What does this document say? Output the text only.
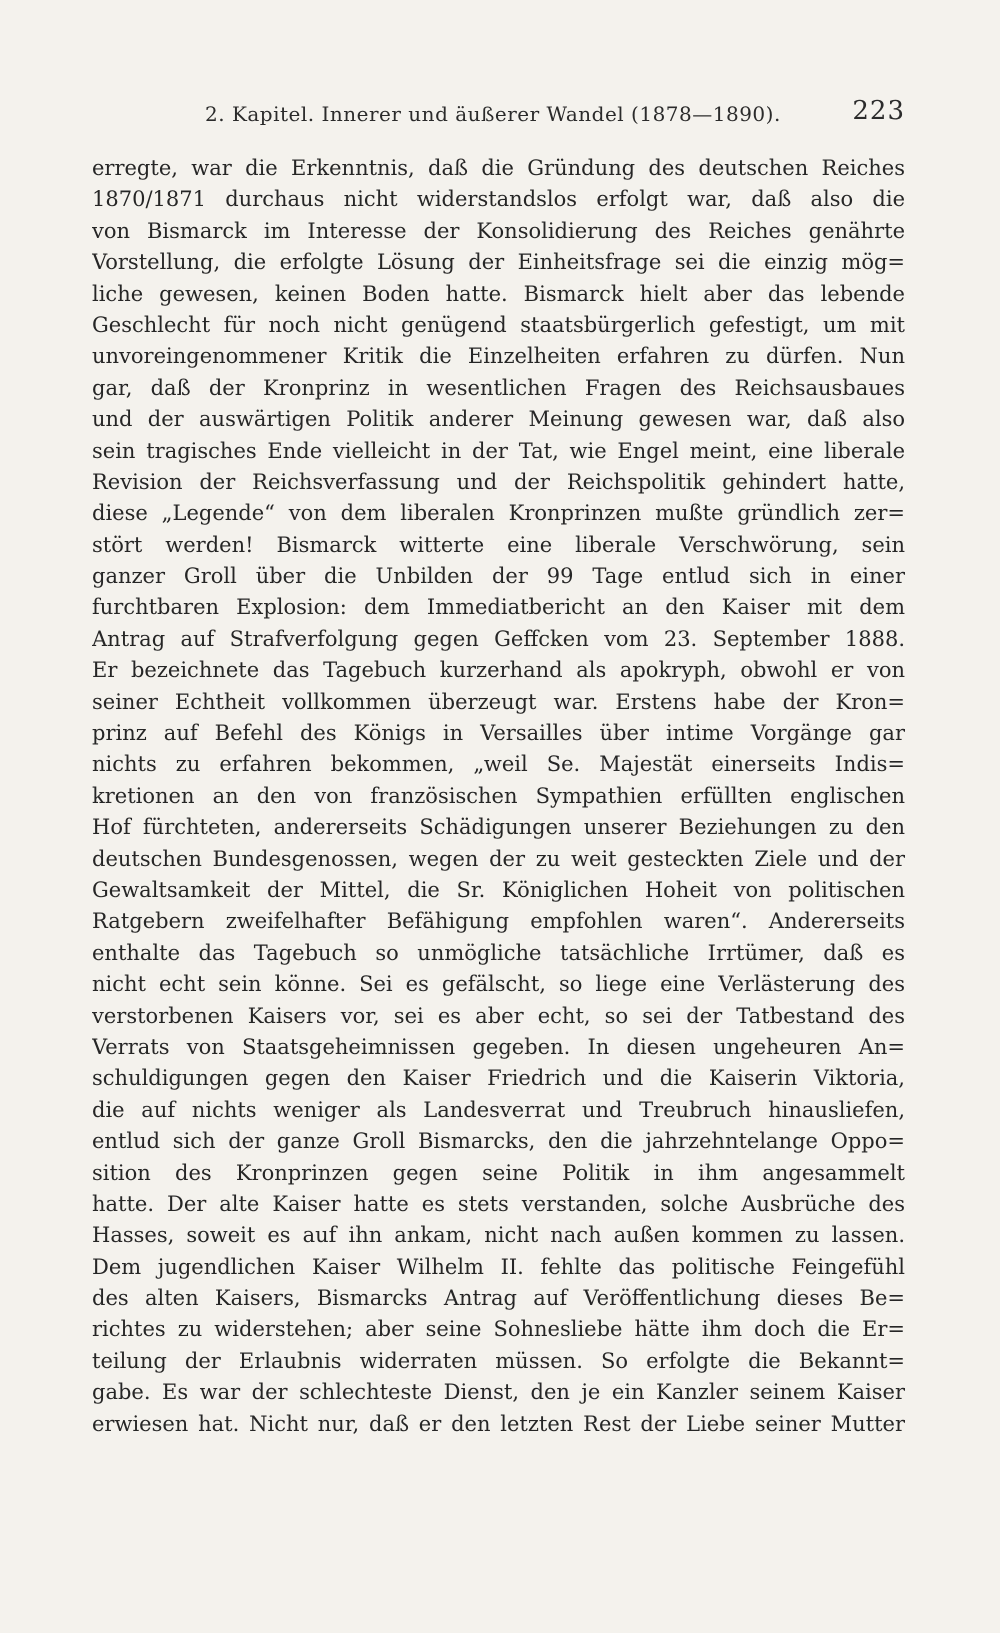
2. Kapitel. Innerer und äußerer Wandel (1878—1890).	223
erregte, war die Erkenntnis, daß die Gründung des deutschen Reiches
1870/1871 durchaus nicht widerstandslos erfolgt war, daß also die
von Bismarck im Interesse der Konsolidierung des Reiches genährte
Vorstellung, die erfolgte Lösung der Einheitsfrage sei die einzig mög=
liche gewesen, keinen Boden hatte. Bismarck hielt aber das lebende
Geschlecht für noch nicht genügend staatsbürgerlich gefestigt, um mit
unvoreingenommener Kritik die Einzelheiten erfahren zu dürfen. Nun
gar, daß der Kronprinz in wesentlichen Fragen des Reichsausbaues
und der auswärtigen Politik anderer Meinung gewesen war, daß also
sein tragisches Ende vielleicht in der Tat, wie Engel meint, eine liberale
Revision der Reichsverfassung und der Reichspolitik gehindert hatte,
diese „Legende“ von dem liberalen Kronprinzen mußte gründlich zer=
stört werden! Bismarck witterte eine liberale Verschwörung, sein
ganzer Groll über die Unbilden der 99 Tage entlud sich in einer
furchtbaren Explosion: dem Immediatbericht an den Kaiser mit dem
Antrag auf Strafverfolgung gegen Geffcken vom 23. September 1888.
Er bezeichnete das Tagebuch kurzerhand als apokryph, obwohl er von
seiner Echtheit vollkommen überzeugt war. Erstens habe der Kron=
prinz auf Befehl des Königs in Versailles über intime Vorgänge gar
nichts zu erfahren bekommen, „weil Se. Majestät einerseits Indis=
kretionen an den von französischen Sympathien erfüllten englischen
Hof fürchteten, andererseits Schädigungen unserer Beziehungen zu den
deutschen Bundesgenossen, wegen der zu weit gesteckten Ziele und der
Gewaltsamkeit der Mittel, die Sr. Königlichen Hoheit von politischen
Ratgebern zweifelhafter Befähigung empfohlen waren“. Andererseits
enthalte das Tagebuch so unmögliche tatsächliche Irrtümer, daß es
nicht echt sein könne. Sei es gefälscht, so liege eine Verlästerung des
verstorbenen Kaisers vor, sei es aber echt, so sei der Tatbestand des
Verrats von Staatsgeheimnissen gegeben. In diesen ungeheuren An=
schuldigungen gegen den Kaiser Friedrich und die Kaiserin Viktoria,
die auf nichts weniger als Landesverrat und Treubruch hinausliefen,
entlud sich der ganze Groll Bismarcks, den die jahrzehntelange Oppo=
sition des Kronprinzen gegen seine Politik in ihm angesammelt
hatte. Der alte Kaiser hatte es stets verstanden, solche Ausbrüche des
Hasses, soweit es auf ihn ankam, nicht nach außen kommen zu lassen.
Dem jugendlichen Kaiser Wilhelm II. fehlte das politische Feingefühl
des alten Kaisers, Bismarcks Antrag auf Veröffentlichung dieses Be=
richtes zu widerstehen; aber seine Sohnesliebe hätte ihm doch die Er=
teilung der Erlaubnis widerraten müssen. So erfolgte die Bekannt=
gabe. Es war der schlechteste Dienst, den je ein Kanzler seinem Kaiser
erwiesen hat. Nicht nur, daß er den letzten Rest der Liebe seiner Mutter
